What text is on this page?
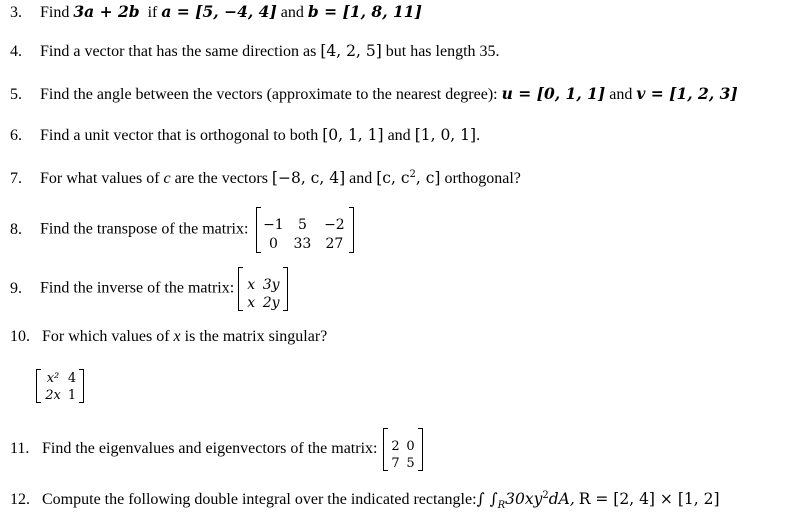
3. Find 3a + 2b if a = [5, −4, 4] and b = [1, 8, 11]
4. Find a vector that has the same direction as [4, 2, 5] but has length 35.
5. Find the angle between the vectors (approximate to the nearest degree): u = [0, 1, 1] and v = [1, 2, 3]
6. Find a unit vector that is orthogonal to both [0, 1, 1] and [1, 0, 1].
7. For what values of c are the vectors [−8, c, 4] and [c, $c^2$, c] orthogonal?
8. Find the transpose of the matrix: −1	5	−2
0	33	27
9. Find the inverse of the matrix: x 3y
x 2y
10. For which values of x is the matrix singular?
x² 4
2x 1
11. Find the eigenvalues and eigenvectors of the matrix: 2 0
7 5
12. Compute the following double integral over the indicated rectangle:∫ $\int_R30xy^2dA$, R = [2, 4] × [1, 2]
